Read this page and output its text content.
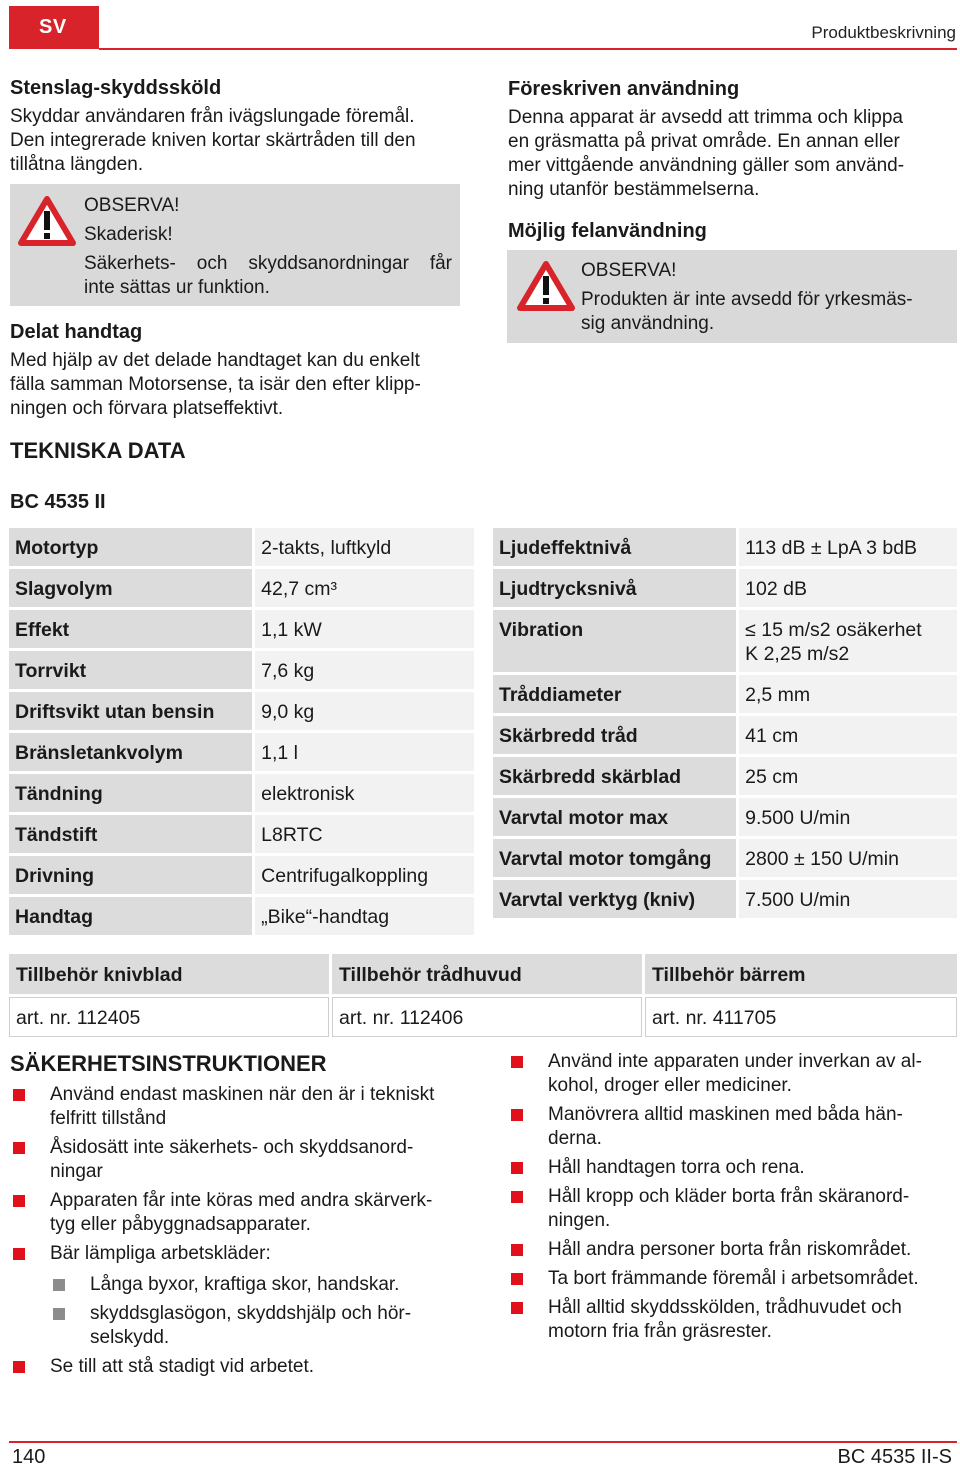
SV	Produktbeskrivning
Stenslag-skyddssköld
Skyddar användaren från ivägslungade föremål.
Den integrerade kniven kortar skärtråden till den
tillåtna längden.
OBSERVA!
Skaderisk!
Säkerhets- och skyddsanordningar får
inte sättas ur funktion.
Delat handtag
Med hjälp av det delade handtaget kan du enkelt
fälla samman Motorsense, ta isär den efter klipp-
ningen och förvara platseffektivt.
Föreskriven användning
Denna apparat är avsedd att trimma och klippa
en gräsmatta på privat område. En annan eller
mer vittgående användning gäller som använd-
ning utanför bestämmelserna.
Möjlig felanvändning
OBSERVA!
Produkten är inte avsedd för yrkesmäs-
sig användning.
TEKNISKA DATA
BC 4535 II
Motortyp	2-takts, luftkyld
Slagvolym	42,7 cm³
Effekt	1,1 kW
Torrvikt	7,6 kg
Driftsvikt utan bensin	9,0 kg
Bränsletankvolym	1,1 l
Tändning	elektronisk
Tändstift	L8RTC
Drivning	Centrifugalkoppling
Handtag	„Bike“-handtag
Ljudeffektnivå	113 dB ± LpA 3 bdB
Ljudtrycksnivå	102 dB
Vibration	≤ 15 m/s2 osäkerhet
K 2,25 m/s2

Tråddiameter	2,5 mm
Skärbredd tråd	41 cm
Skärbredd skärblad	25 cm
Varvtal motor max	9.500 U/min
Varvtal motor tomgång	2800 ± 150 U/min
Varvtal verktyg (kniv)	7.500 U/min
Tillbehör knivblad	Tillbehör trådhuvud	Tillbehör bärrem
art. nr. 112405	art. nr. 112406	art. nr. 411705
SÄKERHETSINSTRUKTIONER
Använd endast maskinen när den är i tekniskt
felfritt tillstånd
Åsidosätt inte säkerhets- och skyddsanord-
ningar
Apparaten får inte köras med andra skärverk-
tyg eller påbyggnadsapparater.
Bär lämpliga arbetskläder:
Långa byxor, kraftiga skor, handskar.
skyddsglasögon, skyddshjälp och hör-
selskydd.
Se till att stå stadigt vid arbetet.
Använd inte apparaten under inverkan av al-
kohol, droger eller mediciner.
Manövrera alltid maskinen med båda hän-
derna.
Håll handtagen torra och rena.
Håll kropp och kläder borta från skäranord-
ningen.
Håll andra personer borta från riskområdet.
Ta bort främmande föremål i arbetsområdet.
Håll alltid skyddsskölden, trådhuvudet och
motorn fria från gräsrester.
140	BC 4535 II-S
